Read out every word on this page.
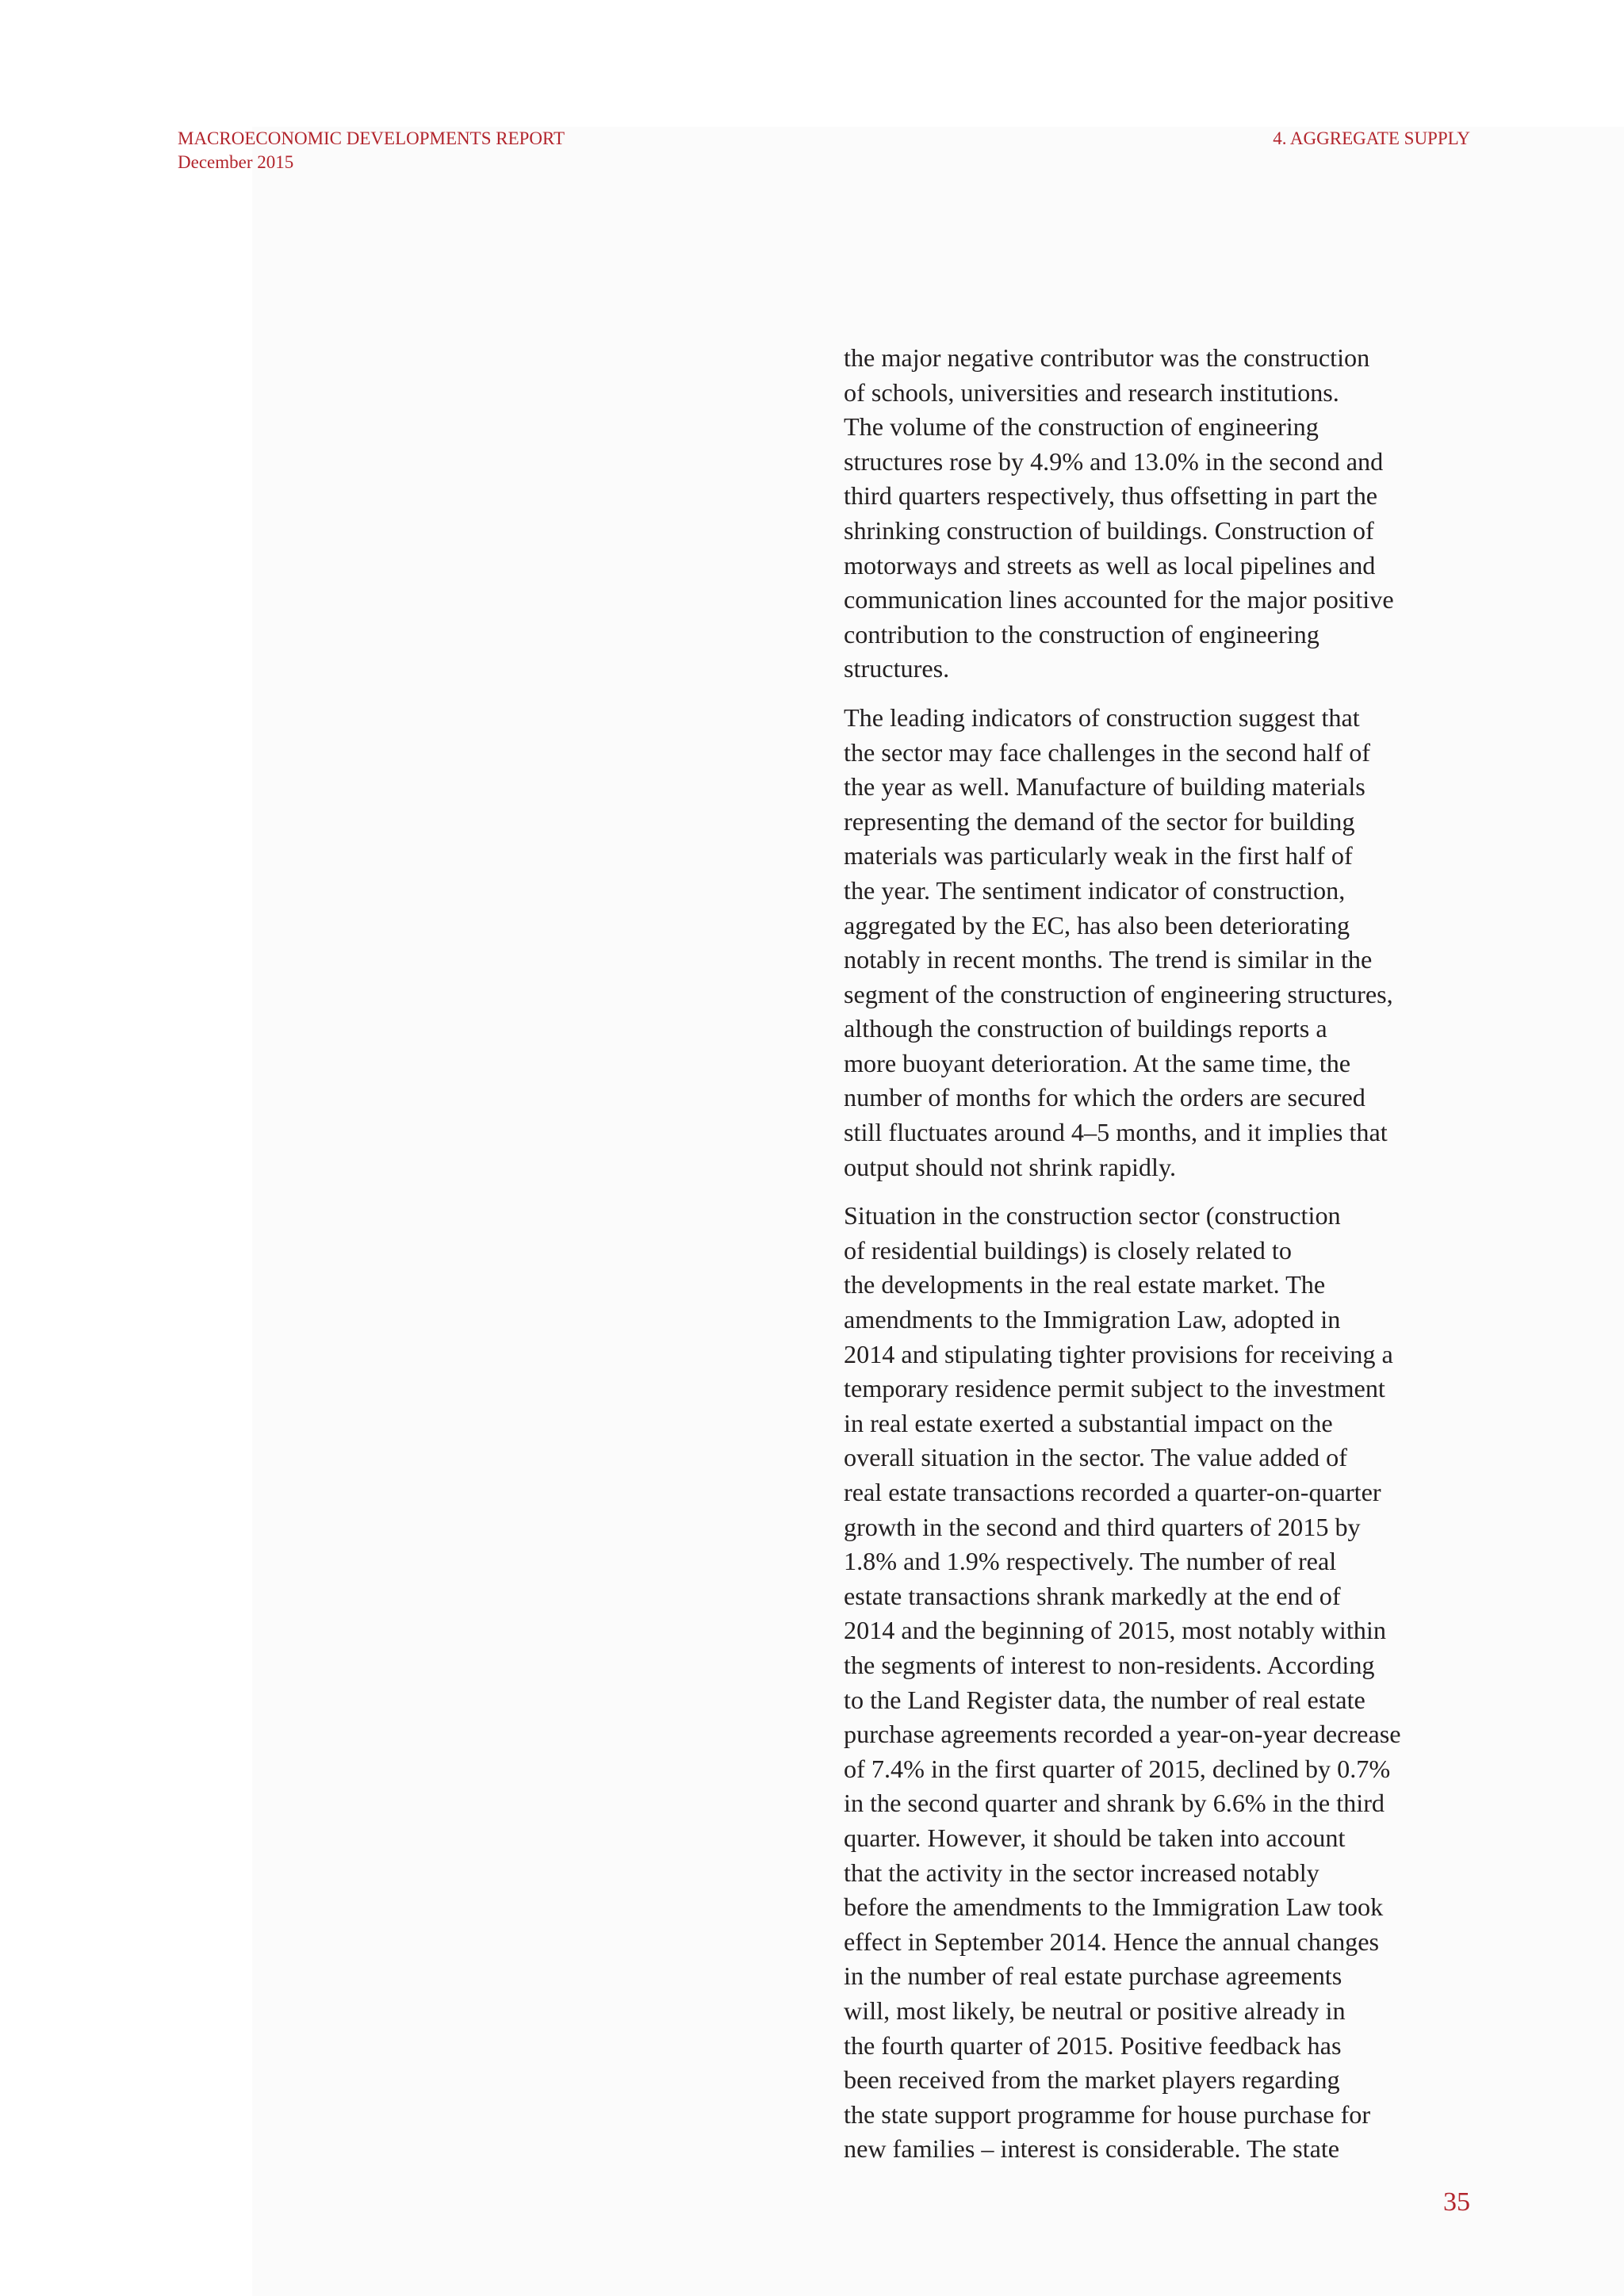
MACROECONOMIC DEVELOPMENTS REPORT
December 2015
4. AGGREGATE SUPPLY

the major negative contributor was the construction
of schools, universities and research institutions.
The volume of the construction of engineering
structures rose by 4.9% and 13.0% in the second and
third quarters respectively, thus offsetting in part the
shrinking construction of buildings. Construction of
motorways and streets as well as local pipelines and
communication lines accounted for the major positive
contribution to the construction of engineering
structures.

The leading indicators of construction suggest that
the sector may face challenges in the second half of
the year as well. Manufacture of building materials
representing the demand of the sector for building
materials was particularly weak in the first half of
the year. The sentiment indicator of construction,
aggregated by the EC, has also been deteriorating
notably in recent months. The trend is similar in the
segment of the construction of engineering structures,
although the construction of buildings reports a
more buoyant deterioration. At the same time, the
number of months for which the orders are secured
still fluctuates around 4–5 months, and it implies that
output should not shrink rapidly.

Situation in the construction sector (construction
of residential buildings) is closely related to
the developments in the real estate market. The
amendments to the Immigration Law, adopted in
2014 and stipulating tighter provisions for receiving a
temporary residence permit subject to the investment
in real estate exerted a substantial impact on the
overall situation in the sector. The value added of
real estate transactions recorded a quarter-on-quarter
growth in the second and third quarters of 2015 by
1.8% and 1.9% respectively. The number of real
estate transactions shrank markedly at the end of
2014 and the beginning of 2015, most notably within
the segments of interest to non-residents. According
to the Land Register data, the number of real estate
purchase agreements recorded a year-on-year decrease
of 7.4% in the first quarter of 2015, declined by 0.7%
in the second quarter and shrank by 6.6% in the third
quarter. However, it should be taken into account
that the activity in the sector increased notably
before the amendments to the Immigration Law took
effect in September 2014. Hence the annual changes
in the number of real estate purchase agreements
will, most likely, be neutral or positive already in
the fourth quarter of 2015. Positive feedback has
been received from the market players regarding
the state support programme for house purchase for
new families – interest is considerable. The state

35
